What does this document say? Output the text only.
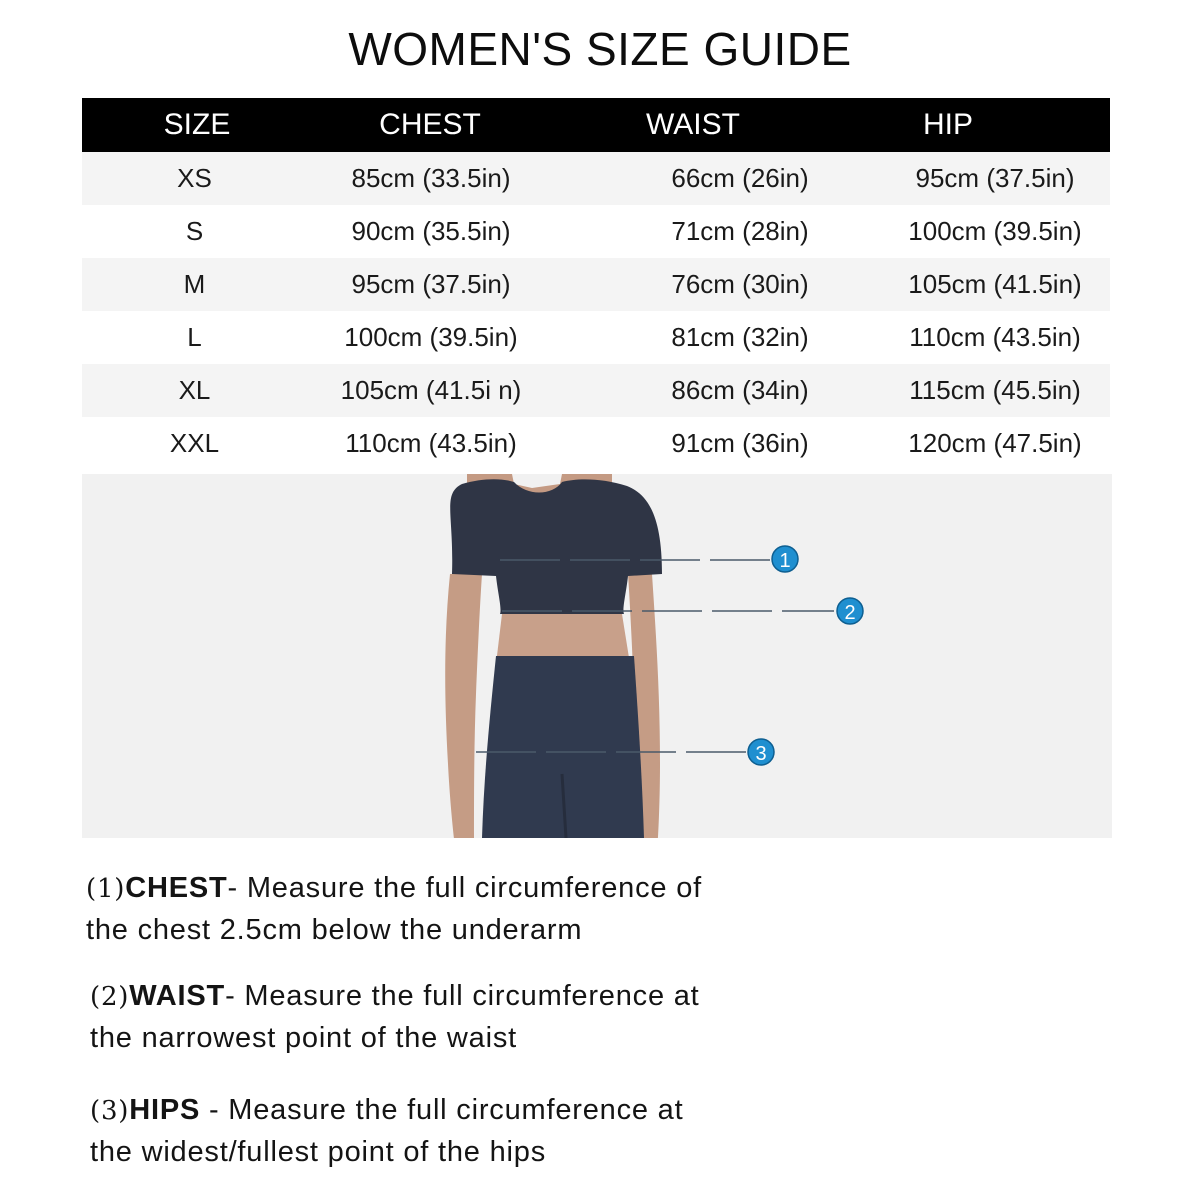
WOMEN'S SIZE GUIDE
SIZE	CHEST	WAIST	HIP
XS	85cm (33.5in)	66cm (26in)	95cm (37.5in)
S	90cm (35.5in)	71cm (28in)	100cm (39.5in)
M	95cm (37.5in)	76cm (30in)	105cm (41.5in)
L	100cm (39.5in)	81cm (32in)	110cm (43.5in)
XL	105cm (41.5i n)	86cm (34in)	115cm (45.5in)
XXL	110cm (43.5in)	91cm (36in)	120cm (47.5in)
1
2
3
(1)CHEST- Measure the full circumference of
the chest 2.5cm below the underarm
(2)WAIST- Measure the full circumference at
the narrowest point of the waist
(3)HIPS - Measure the full circumference at
the widest/fullest point of the hips
